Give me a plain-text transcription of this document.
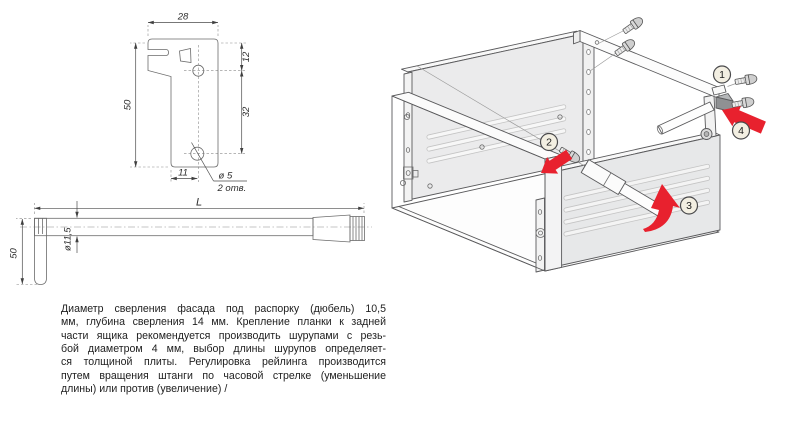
28
50
12
32
11	ø 5
2 отв.
L
ø11,5
50
1
2
3
4
Диаметр сверления фасада под распорку (дюбель) 10,5
мм, глубина сверления 14 мм. Крепление планки к задней
части ящика рекомендуется производить шурупами с резь-
бой диаметром 4 мм, выбор длины шурупов определяет-
ся толщиной плиты. Регулировка рейлинга производится
путем вращения штанги по часовой стрелке (уменьшение
длины) или против (увеличение) /
